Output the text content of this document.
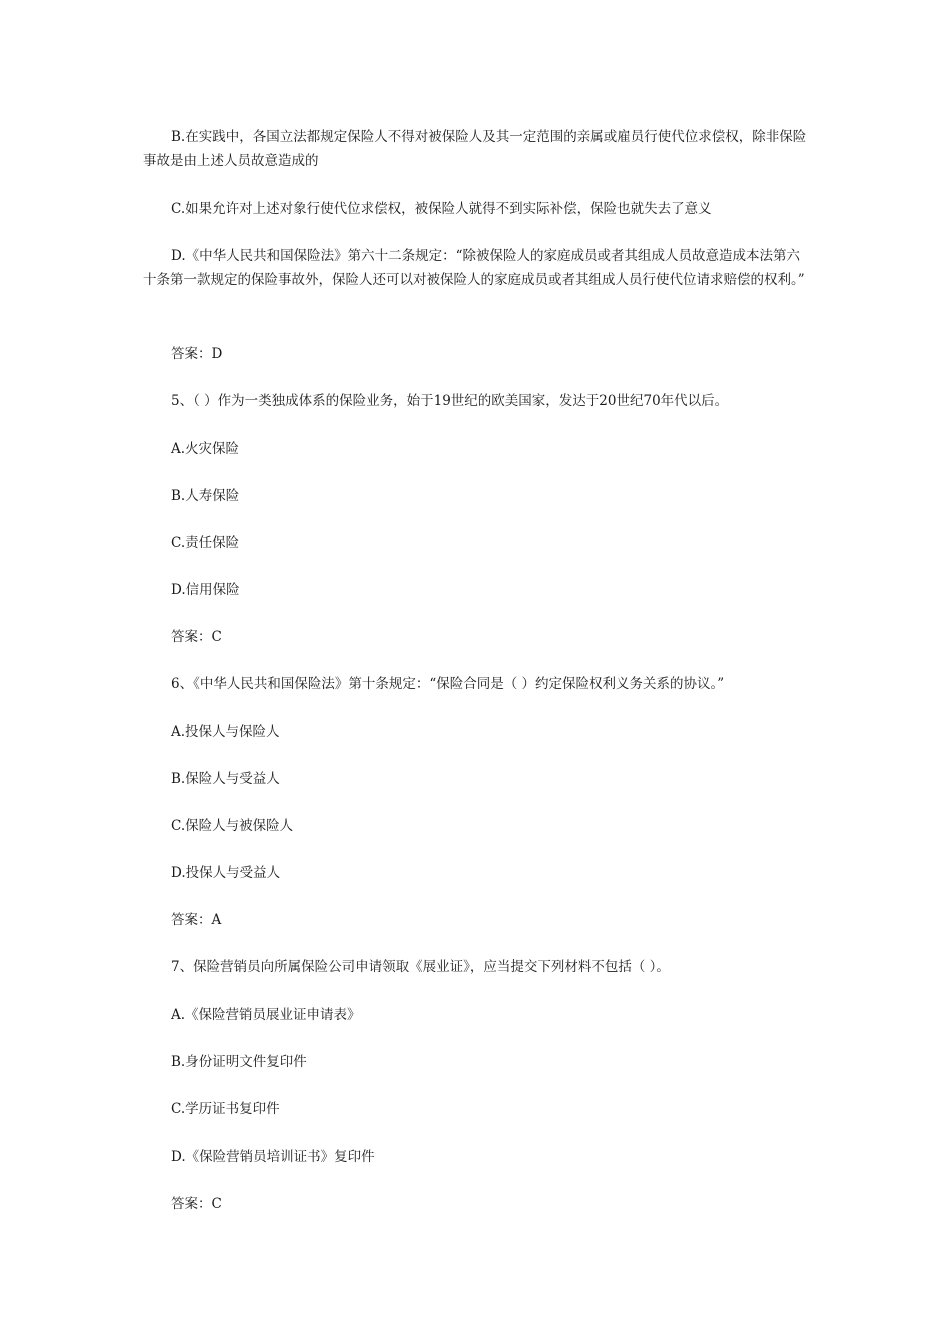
B.在实践中，各国立法都规定保险人不得对被保险人及其一定范围的亲属或雇员行使代位求偿权，除非保险事故是由上述人员故意造成的

C.如果允许对上述对象行使代位求偿权，被保险人就得不到实际补偿，保险也就失去了意义

D.《中华人民共和国保险法》第六十二条规定：“除被保险人的家庭成员或者其组成人员故意造成本法第六十条第一款规定的保险事故外，保险人还可以对被保险人的家庭成员或者其组成人员行使代位请求赔偿的权利。”

答案：D

5、（ ）作为一类独成体系的保险业务，始于19世纪的欧美国家，发达于20世纪70年代以后。

A.火灾保险

B.人寿保险

C.责任保险

D.信用保险

答案：C

6、《中华人民共和国保险法》第十条规定：“保险合同是（ ）约定保险权利义务关系的协议。”

A.投保人与保险人

B.保险人与受益人

C.保险人与被保险人

D.投保人与受益人

答案：A

7、保险营销员向所属保险公司申请领取《展业证》，应当提交下列材料不包括（ ）。

A.《保险营销员展业证申请表》

B.身份证明文件复印件

C.学历证书复印件

D.《保险营销员培训证书》复印件

答案：C
